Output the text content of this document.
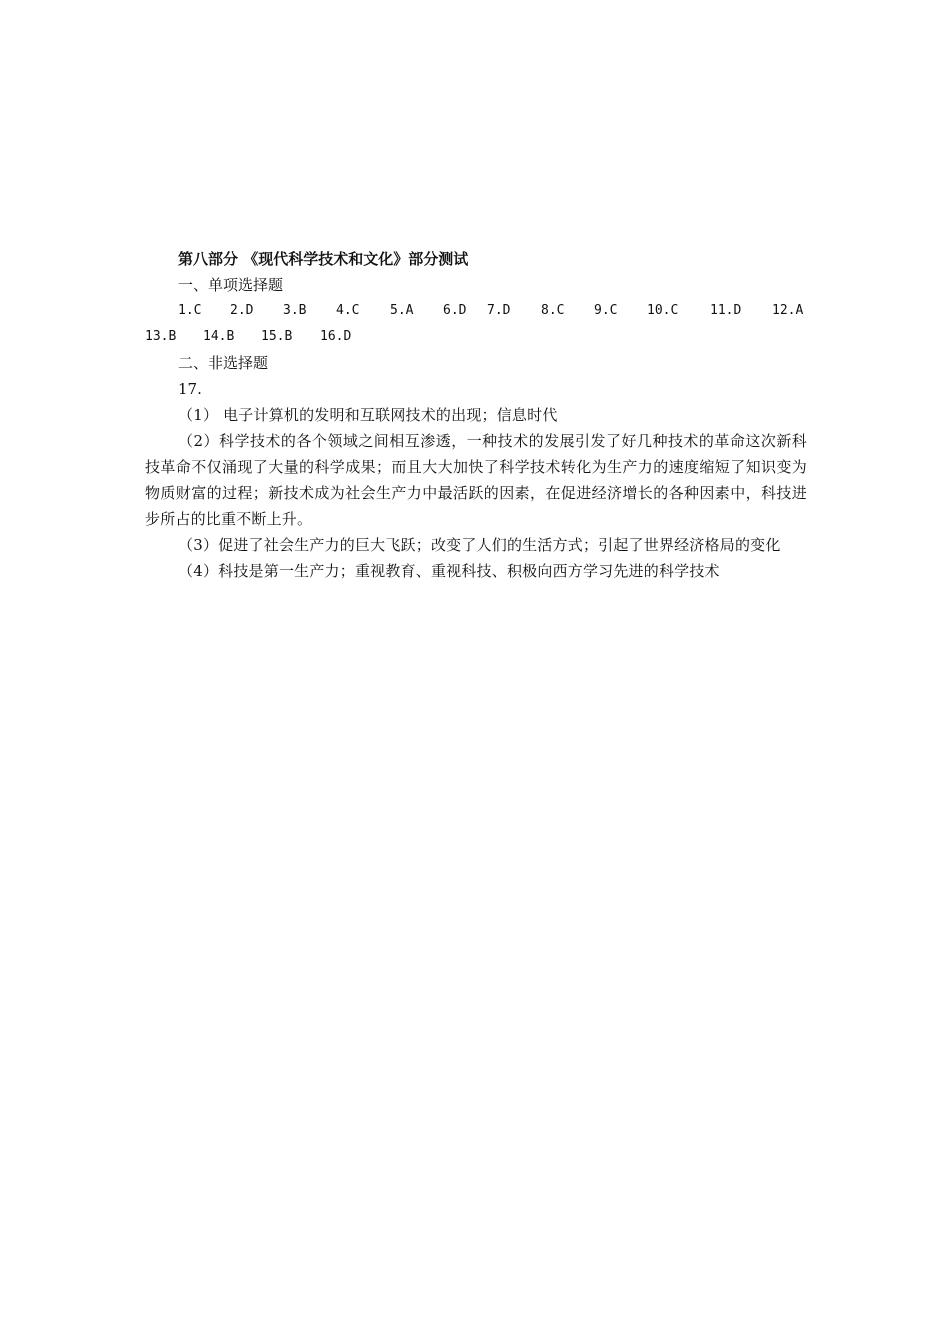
第八部分 《现代科学技术和文化》部分测试
一、单项选择题
1.C 2.D 3.B 4.C 5.A 6.D 7.D 8.C 9.C 10.C 11.D 12.A
13.B 14.B 15.B 16.D
二、非选择题
17.

（1） 电子计算机的发明和互联网技术的出现；信息时代

（2）科学技术的各个领域之间相互渗透，一种技术的发展引发了好几种技术的革命这次新科技革命不仅涌现了大量的科学成果；而且大大加快了科学技术转化为生产力的速度缩短了知识变为物质财富的过程；新技术成为社会生产力中最活跃的因素，在促进经济增长的各种因素中，科技进步所占的比重不断上升。

（3）促进了社会生产力的巨大飞跃；改变了人们的生活方式；引起了世界经济格局的变化

（4）科技是第一生产力；重视教育、重视科技、积极向西方学习先进的科学技术
